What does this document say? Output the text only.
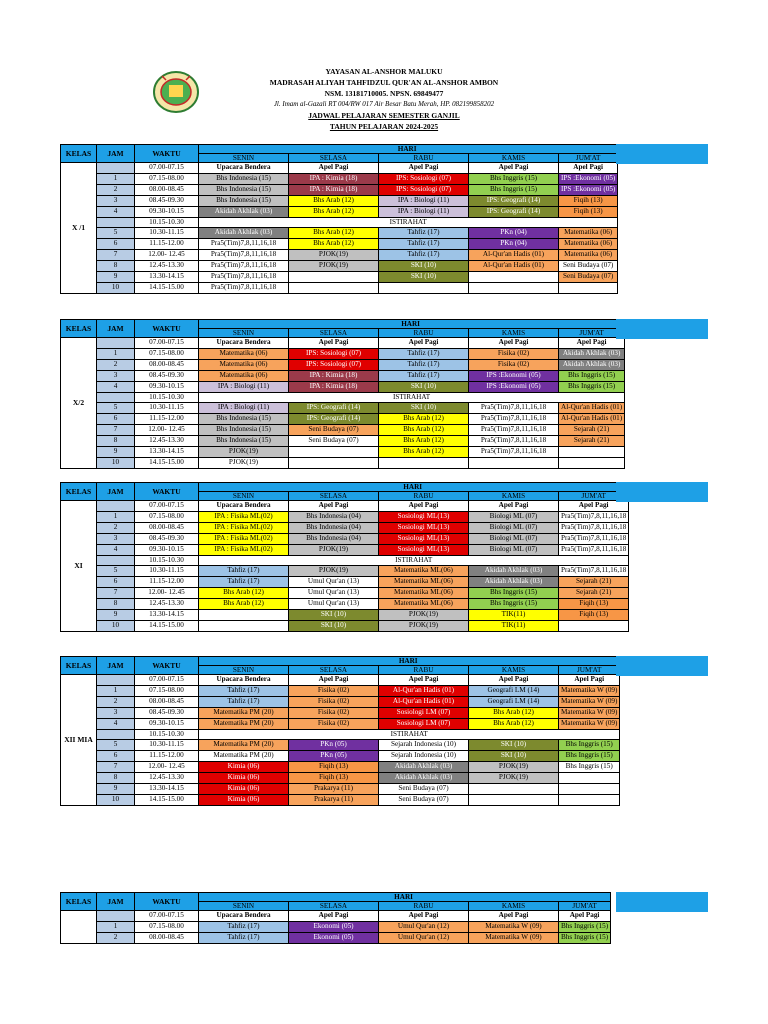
YAYASAN AL-ANSHOR MALUKU
MADRASAH ALIYAH TAHFIDZUL QUR'AN AL-ANSHOR AMBON
NSM. 13181710005. NPSN. 69849477
Jl. Imam al-Gazali RT 004/RW 017 Air Besar Batu Merah, HP. 082199858202
JADWAL PELAJARAN SEMESTER GANJIL
TAHUN PELAJARAN 2024-2025
KELAS	JAM	WAKTU	HARI				
			SENIN	SELASA	RABU	KAMIS	JUM'AT
X /1		07.00-07.15	Upacara Bendera	Apel Pagi	Apel Pagi	Apel Pagi	Apel Pagi
	1	07.15-08.00	Bhs Indonesia (15)	IPA : Kimia (18)	IPS: Sosiologi (07)	Bhs Inggris (15)	IPS :Ekonomi (05)
	2	08.00-08.45	Bhs Indonesia (15)	IPA : Kimia (18)	IPS: Sosiologi (07)	Bhs Inggris (15)	IPS :Ekonomi (05)
	3	08.45-09.30	Bhs Indonesia (15)	Bhs Arab (12)	IPA : Biologi (11)	IPS: Geografi (14)	Fiqih (13)
	4	09.30-10.15	Akidah Akhlak (03)	Bhs Arab (12)	IPA : Biologi (11)	IPS: Geografi (14)	Fiqih (13)
		10.15-10.30	ISTIRAHAT				
	5	10.30-11.15	Akidah Akhlak (03)	Bhs Arab (12)	Tahfiz (17)	PKn (04)	Matematika (06)
	6	11.15-12.00	Pra5(Tim)7,8,11,16,18	Bhs Arab (12)	Tahfiz (17)	PKn (04)	Matematika (06)
	7	12.00- 12.45	Pra5(Tim)7,8,11,16,18	PJOK(19)	Tahfiz (17)	Al-Qur'an Hadis (01)	Matematika (06)
	8	12.45-13.30	Pra5(Tim)7,8,11,16,18	PJOK(19)	SKI (10)	Al-Qur'an Hadis (01)	Seni Budaya (07)
	9	13.30-14.15	Pra5(Tim)7,8,11,16,18		SKI (10)		Seni Budaya (07)
	10	14.15-15.00	Pra5(Tim)7,8,11,16,18				
KELAS	JAM	WAKTU	HARI				
			SENIN	SELASA	RABU	KAMIS	JUM'AT
X/2		07.00-07.15	Upacara Bendera	Apel Pagi	Apel Pagi	Apel Pagi	Apel Pagi
	1	07.15-08.00	Matematika (06)	IPS: Sosiologi (07)	Tahfiz (17)	Fisika (02)	Akidah Akhlak (03)
	2	08.00-08.45	Matematika (06)	IPS: Sosiologi (07)	Tahfiz (17)	Fisika (02)	Akidah Akhlak (03)
	3	08.45-09.30	Matematika (06)	IPA : Kimia (18)	Tahfiz (17)	IPS :Ekonomi (05)	Bhs Inggris (15)
	4	09.30-10.15	IPA : Biologi (11)	IPA : Kimia (18)	SKI (10)	IPS :Ekonomi (05)	Bhs Inggris (15)
		10.15-10.30	ISTIRAHAT				
	5	10.30-11.15	IPA : Biologi (11)	IPS: Geografi (14)	SKI (10)	Pra5(Tim)7,8,11,16,18	Al-Qur'an Hadis (01)
	6	11.15-12.00	Bhs Indonesia (15)	IPS: Geografi (14)	Bhs Arab (12)	Pra5(Tim)7,8,11,16,18	Al-Qur'an Hadis (01)
	7	12.00- 12.45	Bhs Indonesia (15)	Seni Budaya (07)	Bhs Arab (12)	Pra5(Tim)7,8,11,16,18	Sejarah (21)
	8	12.45-13.30	Bhs Indonesia (15)	Seni Budaya (07)	Bhs Arab (12)	Pra5(Tim)7,8,11,16,18	Sejarah (21)
	9	13.30-14.15	PJOK(19)		Bhs Arab (12)	Pra5(Tim)7,8,11,16,18	
	10	14.15-15.00	PJOK(19)				
KELAS	JAM	WAKTU	HARI				
			SENIN	SELASA	RABU	KAMIS	JUM'AT
XI		07.00-07.15	Upacara Bendera	Apel Pagi	Apel Pagi	Apel Pagi	Apel Pagi
	1	07.15-08.00	IPA : Fisika ML(02)	Bhs Indonesia (04)	Sosiologi ML(13)	Biologi ML (07)	Pra5(Tim)7,8,11,16,18
	2	08.00-08.45	IPA : Fisika ML(02)	Bhs Indonesia (04)	Sosiologi ML(13)	Biologi ML (07)	Pra5(Tim)7,8,11,16,18
	3	08.45-09.30	IPA : Fisika ML(02)	Bhs Indonesia (04)	Sosiologi ML(13)	Biologi ML (07)	Pra5(Tim)7,8,11,16,18
	4	09.30-10.15	IPA : Fisika ML(02)	PJOK(19)	Sosiologi ML(13)	Biologi ML (07)	Pra5(Tim)7,8,11,16,18
		10.15-10.30	ISTIRAHAT				
	5	10.30-11.15	Tahfiz (17)	PJOK(19)	Matematika ML(06)	Akidah Akhlak (03)	Pra5(Tim)7,8,11,16,18
	6	11.15-12.00	Tahfiz (17)	Umul Qur'an (13)	Matematika ML(06)	Akidah Akhlak (03)	Sejarah (21)
	7	12.00- 12.45	Bhs Arab (12)	Umul Qur'an (13)	Matematika ML(06)	Bhs Inggris (15)	Sejarah (21)
	8	12.45-13.30	Bhs Arab (12)	Umul Qur'an (13)	Matematika ML(06)	Bhs Inggris (15)	Fiqih (13)
	9	13.30-14.15		SKI (10)	PJOK(19)	TIK(11)	Fiqih (13)
	10	14.15-15.00		SKI (10)	PJOK(19)	TIK(11)	
KELAS	JAM	WAKTU	HARI				
			SENIN	SELASA	RABU	KAMIS	JUM'AT
XII MIA		07.00-07.15	Upacara Bendera	Apel Pagi	Apel Pagi	Apel Pagi	Apel Pagi
	1	07.15-08.00	Tahfiz (17)	Fisika (02)	Al-Qur'an Hadis (01)	Geografi LM (14)	Matematika W (09)
	2	08.00-08.45	Tahfiz (17)	Fisika (02)	Al-Qur'an Hadis (01)	Geografi LM (14)	Matematika W (09)
	3	08.45-09.30	Matematika PM (20)	Fisika (02)	Sosiologi LM (07)	Bhs Arab (12)	Matematika W (09)
	4	09.30-10.15	Matematika PM (20)	Fisika (02)	Sosiologi LM (07)	Bhs Arab (12)	Matematika W (09)
		10.15-10.30	ISTIRAHAT				
	5	10.30-11.15	Matematika PM (20)	PKn (05)	Sejarah Indonesia (10)	SKI (10)	Bhs Inggris (15)
	6	11.15-12.00	Matematika PM (20)	PKn (05)	Sejarah Indonesia (10)	SKI (10)	Bhs Inggris (15)
	7	12.00- 12.45	Kimia (06)	Fiqih (13)	Akidah Akhlak (03)	PJOK(19)	Bhs Inggris (15)
	8	12.45-13.30	Kimia (06)	Fiqih (13)	Akidah Akhlak (03)	PJOK(19)	
	9	13.30-14.15	Kimia (06)	Prakarya (11)	Seni Budaya (07)		
	10	14.15-15.00	Kimia (06)	Prakarya (11)	Seni Budaya (07)		
KELAS	JAM	WAKTU	HARI				
			SENIN	SELASA	RABU	KAMIS	JUM'AT
		07.00-07.15	Upacara Bendera	Apel Pagi	Apel Pagi	Apel Pagi	Apel Pagi
	1	07.15-08.00	Tahfiz (17)	Ekonomi (05)	Umul Qur'an (12)	Matematika W (09)	Bhs Inggris (15)
	2	08.00-08.45	Tahfiz (17)	Ekonomi (05)	Umul Qur'an (12)	Matematika W (09)	Bhs Inggris (15)
